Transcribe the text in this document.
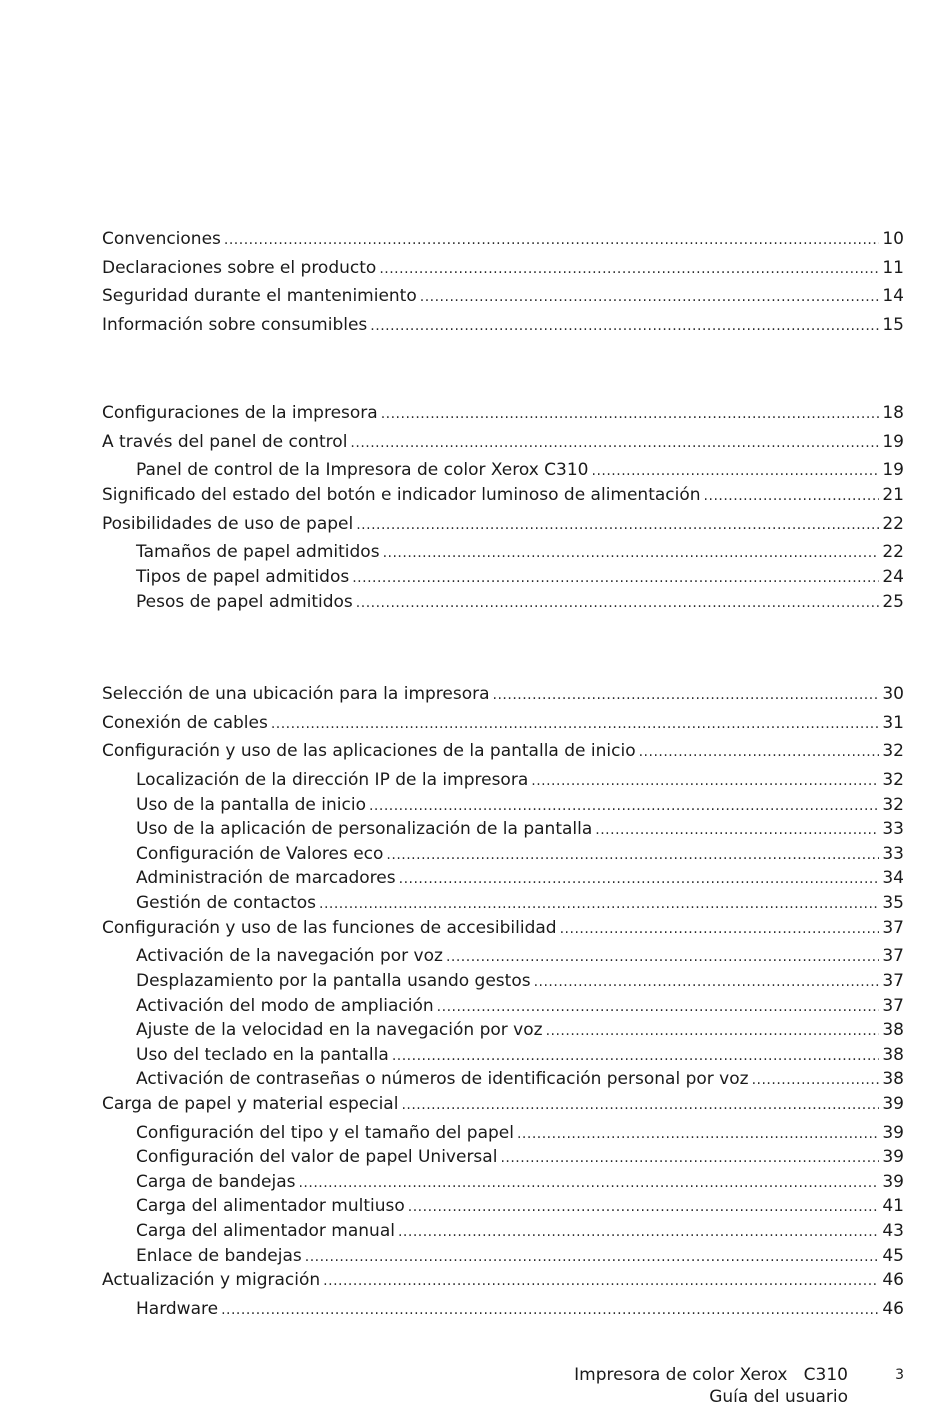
Convenciones .....	10
Declaraciones sobre el producto .....	11
Seguridad durante el mantenimiento .....	14
Información sobre consumibles .....	15
Configuraciones de la impresora .....	18
A través del panel de control .....	19
Panel de control de la Impresora de color Xerox C310 .....	19
Significado del estado del botón e indicador luminoso de alimentación .....	21
Posibilidades de uso de papel .....	22
Tamaños de papel admitidos .....	22
Tipos de papel admitidos .....	24
Pesos de papel admitidos .....	25
Selección de una ubicación para la impresora .....	30
Conexión de cables .....	31
Configuración y uso de las aplicaciones de la pantalla de inicio .....	32
Localización de la dirección IP de la impresora .....	32
Uso de la pantalla de inicio .....	32
Uso de la aplicación de personalización de la pantalla .....	33
Configuración de Valores eco .....	33
Administración de marcadores .....	34
Gestión de contactos .....	35
Configuración y uso de las funciones de accesibilidad .....	37
Activación de la navegación por voz .....	37
Desplazamiento por la pantalla usando gestos .....	37
Activación del modo de ampliación .....	37
Ajuste de la velocidad en la navegación por voz .....	38
Uso del teclado en la pantalla .....	38
Activación de contraseñas o números de identificación personal por voz .....	38
Carga de papel y material especial .....	39
Configuración del tipo y el tamaño del papel .....	39
Configuración del valor de papel Universal .....	39
Carga de bandejas .....	39
Carga del alimentador multiuso .....	41
Carga del alimentador manual .....	43
Enlace de bandejas .....	45
Actualización y migración .....	46
Hardware .....	46
Impresora de color Xerox   C310
Guía del usuario
3
